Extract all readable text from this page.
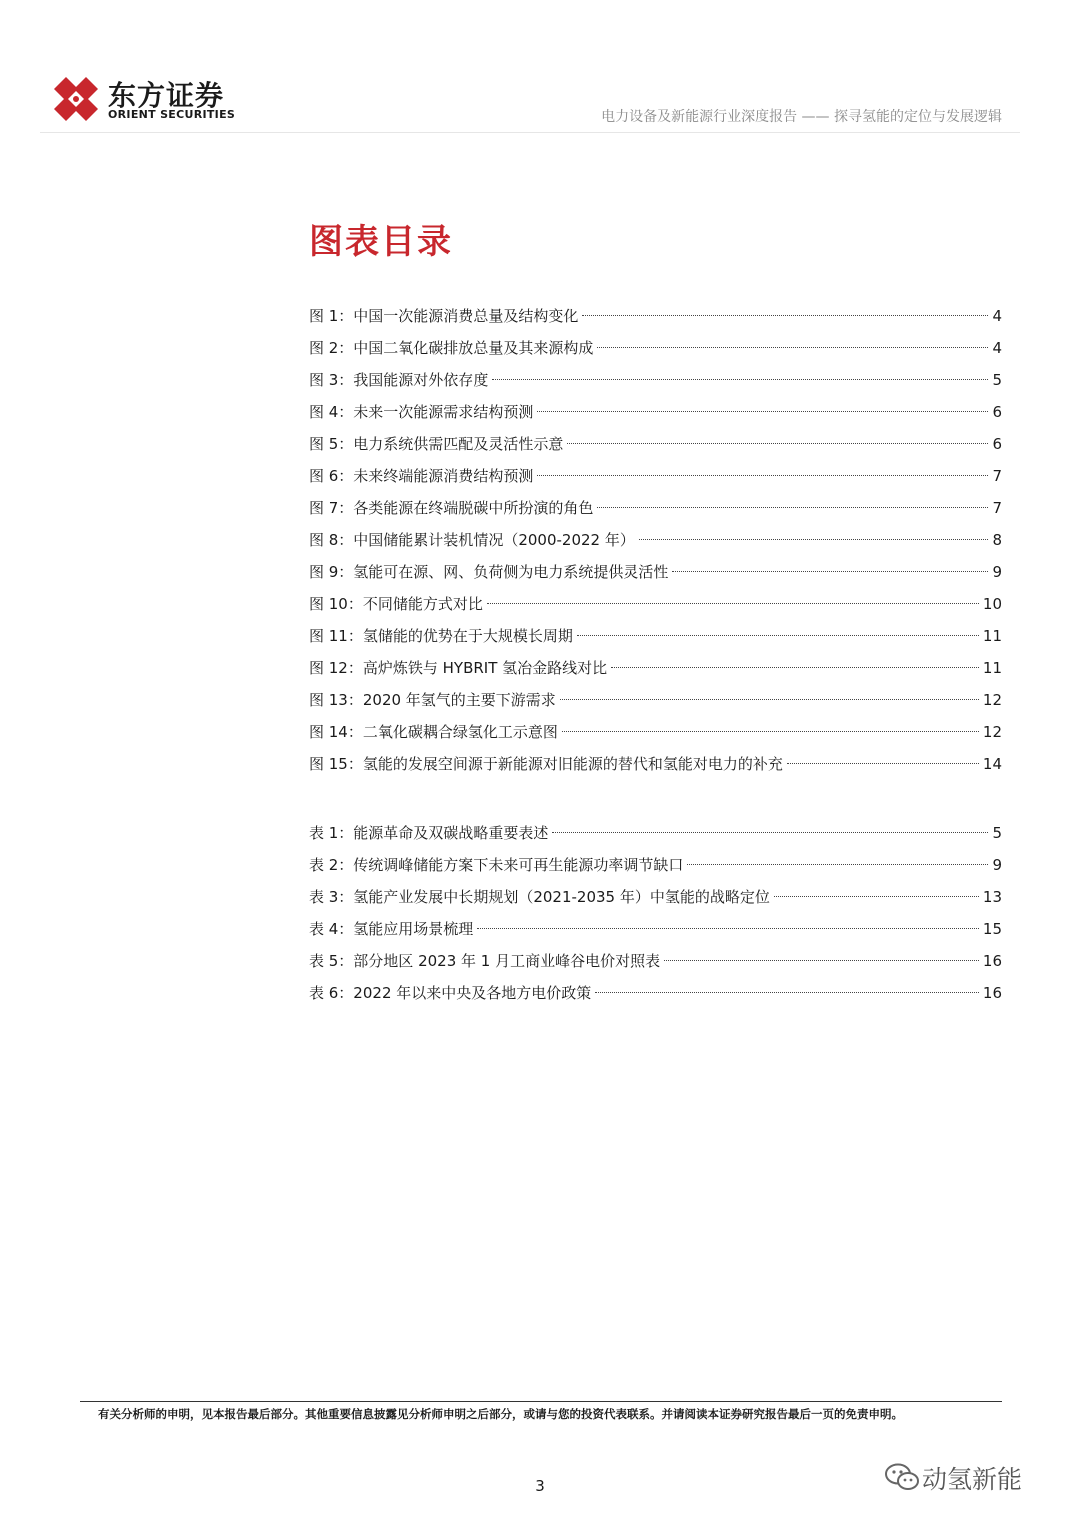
东方证券
ORIENT SECURITIES	电力设备及新能源行业深度报告 —— 探寻氢能的定位与发展逻辑
图表目录
图 1：中国一次能源消费总量及结构变化	4
图 2：中国二氧化碳排放总量及其来源构成	4
图 3：我国能源对外依存度	5
图 4：未来一次能源需求结构预测	6
图 5：电力系统供需匹配及灵活性示意	6
图 6：未来终端能源消费结构预测	7
图 7：各类能源在终端脱碳中所扮演的角色	7
图 8：中国储能累计装机情况（2000-2022 年）	8
图 9：氢能可在源、网、负荷侧为电力系统提供灵活性	9
图 10：不同储能方式对比	10
图 11：氢储能的优势在于大规模长周期	11
图 12：高炉炼铁与 HYBRIT 氢冶金路线对比	11
图 13：2020 年氢气的主要下游需求	12
图 14：二氧化碳耦合绿氢化工示意图	12
图 15：氢能的发展空间源于新能源对旧能源的替代和氢能对电力的补充	14
表 1：能源革命及双碳战略重要表述	5
表 2：传统调峰储能方案下未来可再生能源功率调节缺口	9
表 3：氢能产业发展中长期规划（2021-2035 年）中氢能的战略定位	13
表 4：氢能应用场景梳理	15
表 5：部分地区 2023 年 1 月工商业峰谷电价对照表	16
表 6：2022 年以来中央及各地方电价政策	16
有关分析师的申明，见本报告最后部分。其他重要信息披露见分析师申明之后部分，或请与您的投资代表联系。并请阅读本证券研究报告最后一页的免责申明。
3	动氢新能
